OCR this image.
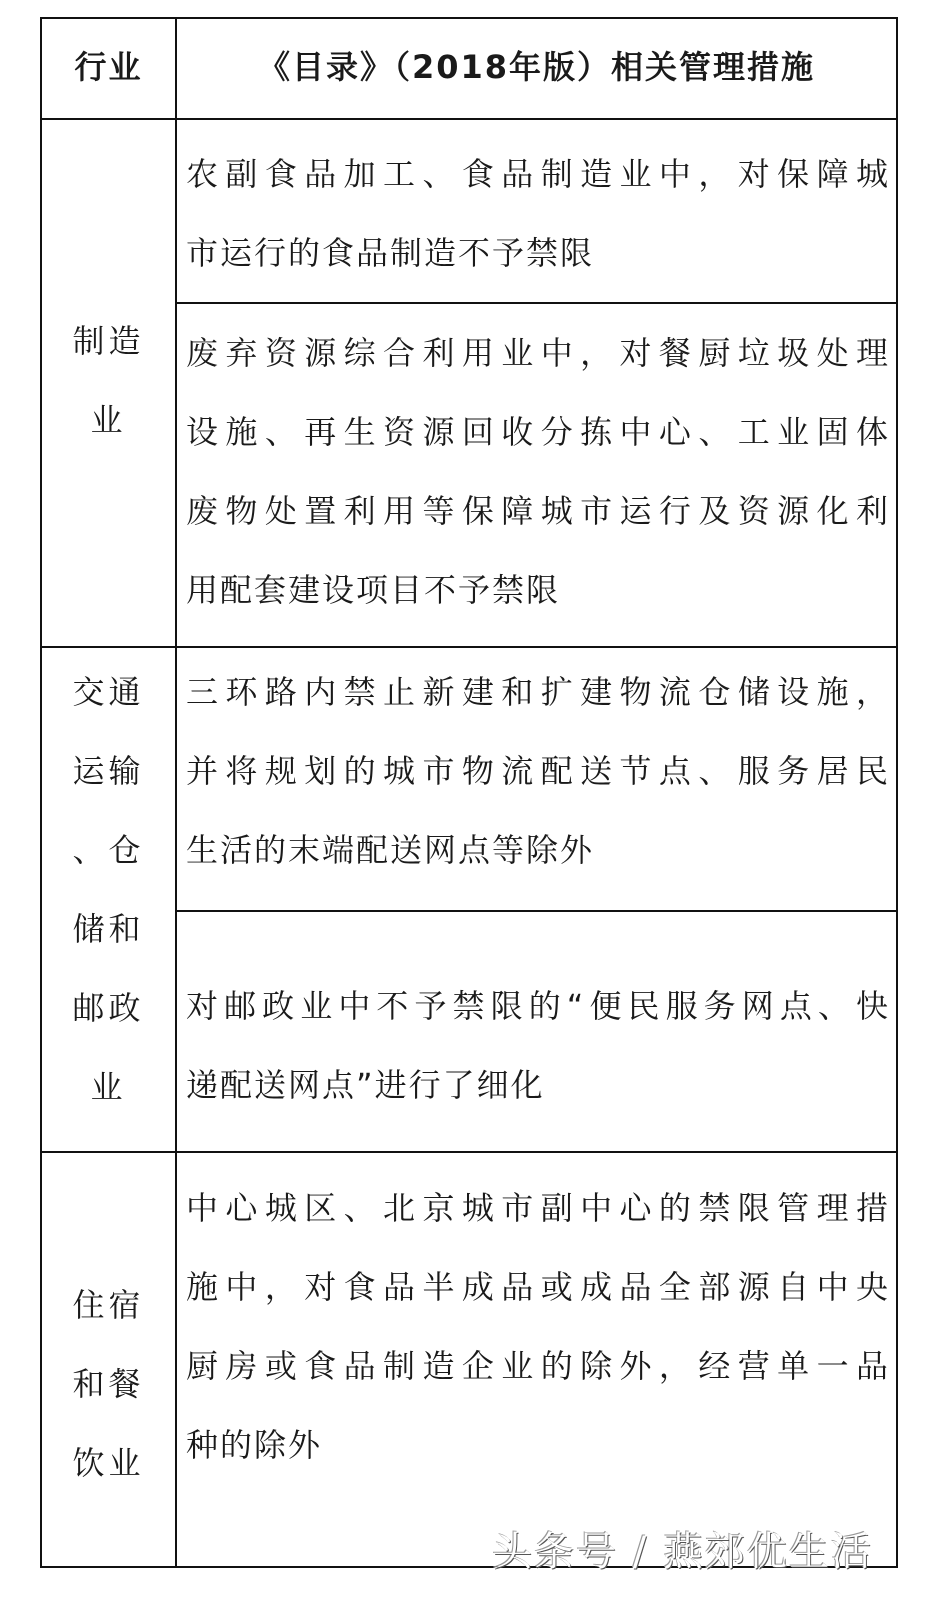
行业	《目录》（2018年版）相关管理措施
制造
业
农副食品加工、食品制造业中，对保障城
市运行的食品制造不予禁限
废弃资源综合利用业中，对餐厨垃圾处理
设施、再生资源回收分拣中心、工业固体
废物处置利用等保障城市运行及资源化利
用配套建设项目不予禁限
交通
运输
、仓
储和
邮政
业
三环路内禁止新建和扩建物流仓储设施，
并将规划的城市物流配送节点、服务居民
生活的末端配送网点等除外
对邮政业中不予禁限的“便民服务网点、快
递配送网点”进行了细化
住宿
和餐
饮业
中心城区、北京城市副中心的禁限管理措
施中，对食品半成品或成品全部源自中央
厨房或食品制造企业的除外，经营单一品
种的除外
头条号 / 燕郊优生活
